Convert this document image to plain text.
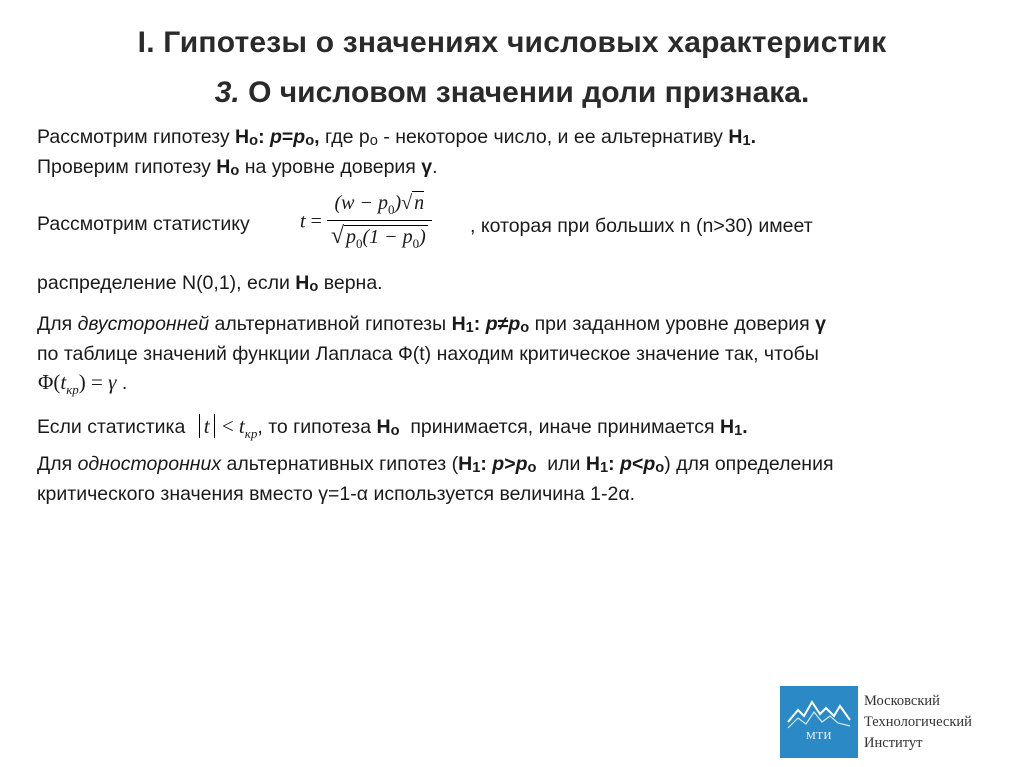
I. Гипотезы о значениях числовых характеристик
3. О числовом значении доли признака.
Рассмотрим гипотезу Ho: p=po, где po - некоторое число, и ее альтернативу H1.
Проверим гипотезу Ho на уровне доверия γ.
Рассмотрим статистику	$t = \frac{(w - p_0)√ n}{√ p_0(1 - p_0)}$ , которая при больших n (n>30) имеет
распределение N(0,1), если Ho верна.
Для двусторонней альтернативной гипотезы H1: p≠po при заданном уровне доверия γ
по таблице значений функции Лапласа Ф(t) находим критическое значение так, чтобы
$\Phi(t_{кр}) = \gamma$ .
Если статистика $t < t_{кр}$, то гипотеза Ho  принимается, иначе принимается H1.
Для односторонних альтернативных гипотез (H1: p>po  или H1: p<po) для определения
критического значения вместо γ=1-α используется величина 1-2α.
МТИ
Московский
Технологический
Институт
